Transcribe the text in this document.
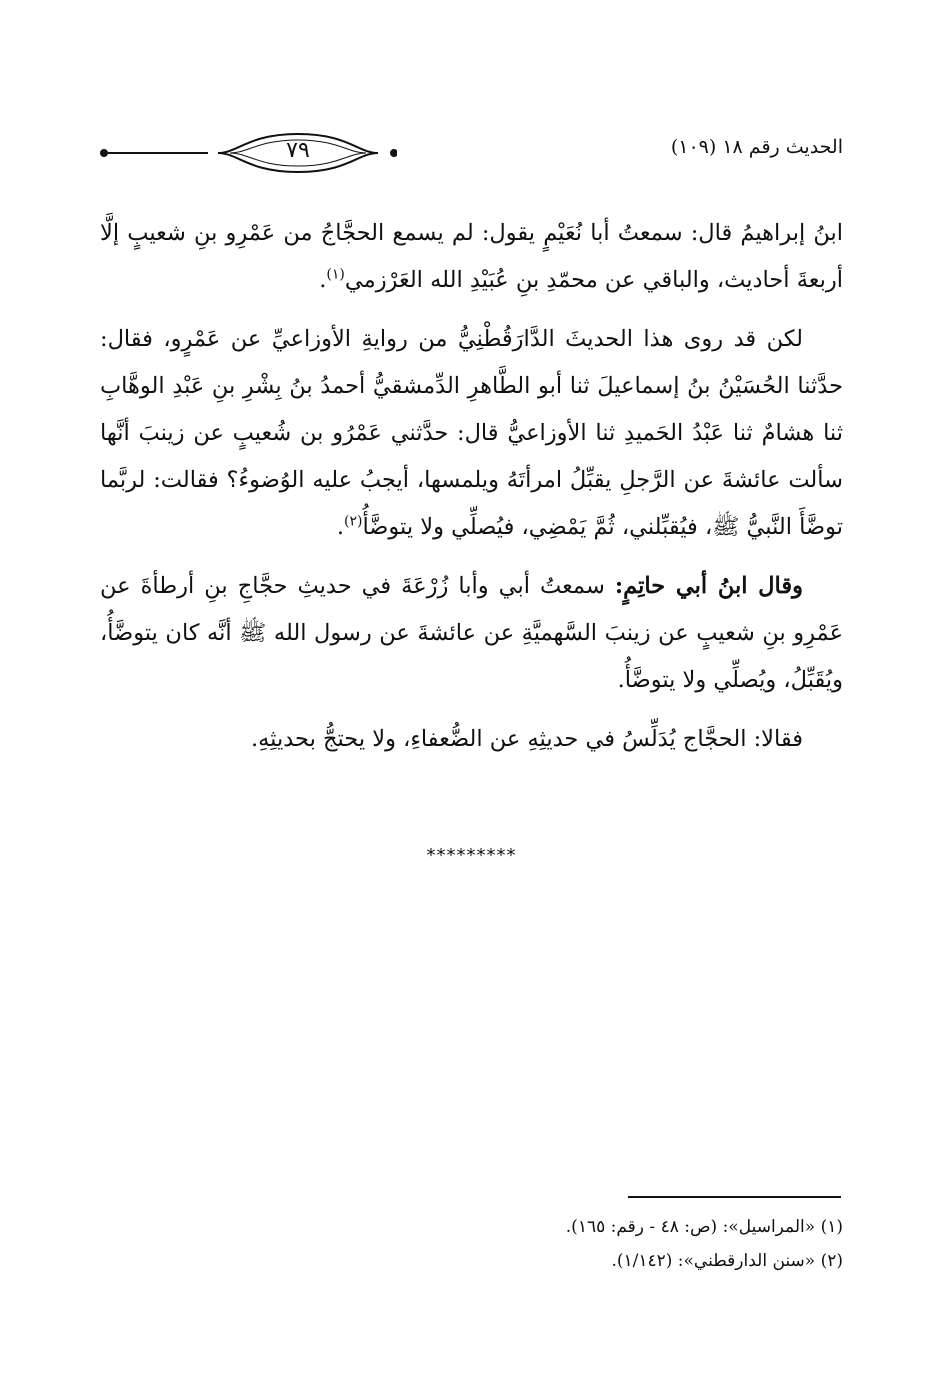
٧٩	الحديث رقم ١٨ (١٠٩)

ابنُ إبراهيمُ قال: سمعتُ أبا نُعَيْمٍ يقول: لم يسمع الحجَّاجُ من عَمْرِو بنِ شعيبٍ إلَّا أربعةَ أحاديث، والباقي عن محمّدِ بنِ عُبَيْدِ الله العَرْزمي$^{(١)}$.

لكن قد روى هذا الحديثَ الدَّارَقُطْنِيُّ من روايةِ الأوزاعيِّ عن عَمْرٍو، فقال: حدَّثنا الحُسَيْنُ بنُ إسماعيلَ ثنا أبو الطَّاهرِ الدِّمشقيُّ أحمدُ بنُ بِشْرِ بنِ عَبْدِ الوهَّابِ ثنا هشامٌ ثنا عَبْدُ الحَميدِ ثنا الأوزاعيُّ قال: حدَّثني عَمْرُو بن شُعيبٍ عن زينبَ أنَّها سألت عائشةَ عن الرَّجلِ يقبِّلُ امرأتَهُ ويلمسها، أيجبُ عليه الوُضوءُ؟ فقالت: لربَّما توضَّأَ النَّبيُّ ﷺ، فيُقبِّلني، ثُمَّ يَمْضِي، فيُصلِّي ولا يتوضَّأُ$^{(٢)}$.

وقال ابنُ أبي حاتِمٍ: سمعتُ أبي وأبا زُرْعَةَ في حديثِ حجَّاجِ بنِ أرطأةَ عن عَمْرِو بنِ شعيبٍ عن زينبَ السَّهميَّةِ عن عائشةَ عن رسول الله ﷺ أنَّه كان يتوضَّأُ، ويُقَبِّلُ، ويُصلِّي ولا يتوضَّأُ.

فقالا: الحجَّاج يُدَلِّسُ في حديثِهِ عن الضُّعفاءِ، ولا يحتجُّ بحديثِهِ.

*********

(١) «المراسيل»: (ص: ٤٨ - رقم: ١٦٥).

(٢) «سنن الدارقطني»: (١/١٤٢).
